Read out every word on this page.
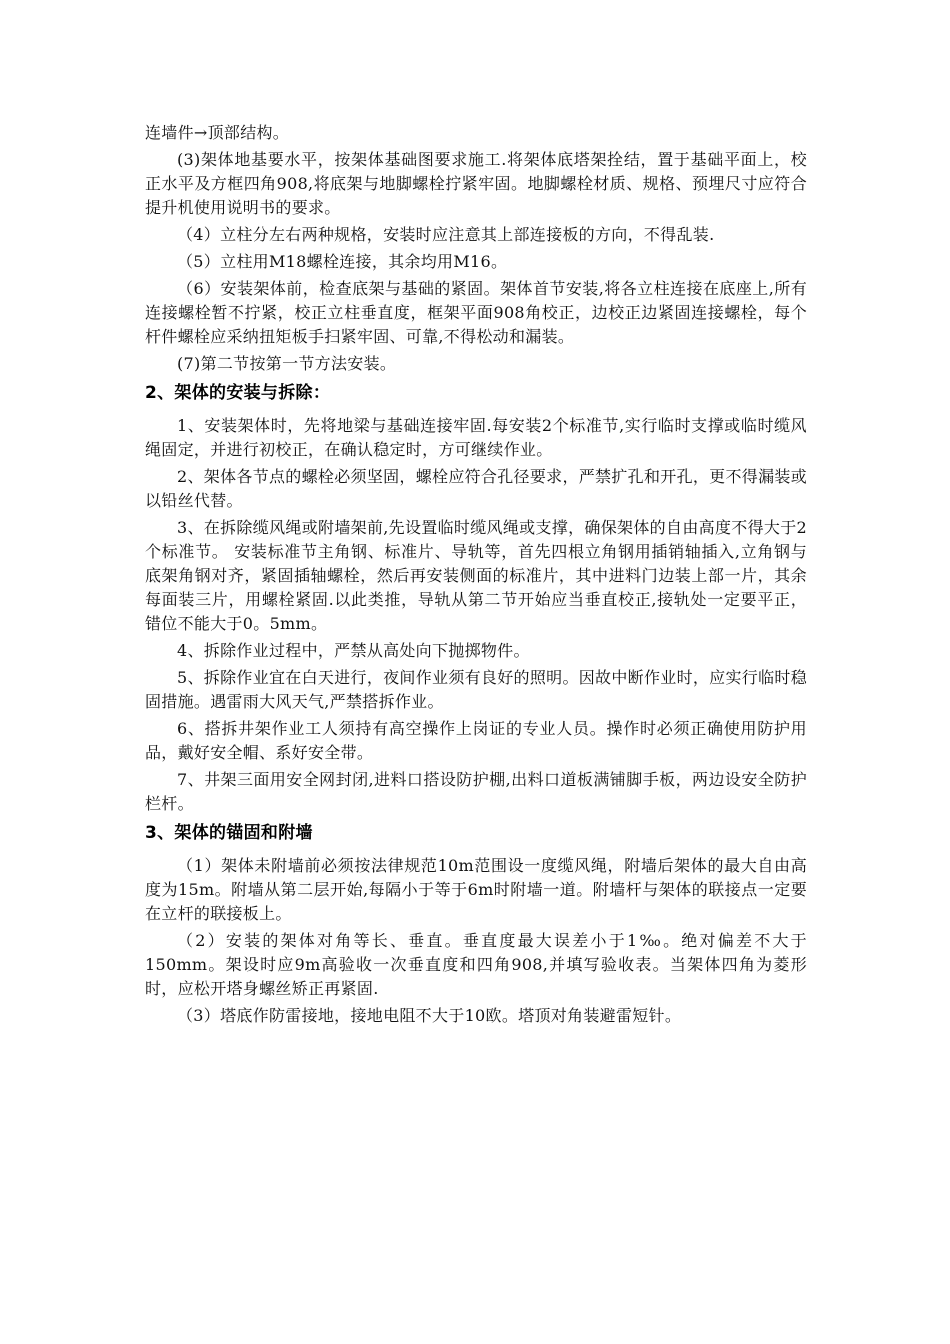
连墙件→顶部结构。

(3)架体地基要水平，按架体基础图要求施工.将架体底塔架拴结，置于基础平面上，校正水平及方框四角908,将底架与地脚螺栓拧紧牢固。地脚螺栓材质、规格、预埋尺寸应符合提升机使用说明书的要求。

（4）立柱分左右两种规格，安装时应注意其上部连接板的方向，不得乱装.

（5）立柱用M18螺栓连接，其余均用M16。

（6）安装架体前，检查底架与基础的紧固。架体首节安装,将各立柱连接在底座上,所有连接螺栓暂不拧紧，校正立柱垂直度，框架平面908角校正，边校正边紧固连接螺栓，每个杆件螺栓应采纳扭矩板手扫紧牢固、可靠,不得松动和漏装。

(7)第二节按第一节方法安装。

2、架体的安装与拆除：

1、安装架体时，先将地梁与基础连接牢固.每安装2个标准节,实行临时支撑或临时缆风绳固定，并进行初校正，在确认稳定时，方可继续作业。

2、架体各节点的螺栓必须坚固，螺栓应符合孔径要求，严禁扩孔和开孔，更不得漏装或以铅丝代替。

3、在拆除缆风绳或附墙架前,先设置临时缆风绳或支撑，确保架体的自由高度不得大于2个标准节。 安装标准节主角钢、标准片、导轨等，首先四根立角钢用插销轴插入,立角钢与底架角钢对齐，紧固插轴螺栓，然后再安装侧面的标准片，其中进料门边装上部一片，其余每面装三片，用螺栓紧固.以此类推，导轨从第二节开始应当垂直校正,接轨处一定要平正，错位不能大于0。5mm。

4、拆除作业过程中，严禁从高处向下抛掷物件。

5、拆除作业宜在白天进行，夜间作业须有良好的照明。因故中断作业时，应实行临时稳固措施。遇雷雨大风天气,严禁搭拆作业。

6、搭拆井架作业工人须持有高空操作上岗证的专业人员。操作时必须正确使用防护用品，戴好安全帽、系好安全带。

7、井架三面用安全网封闭,进料口搭设防护棚,出料口道板满铺脚手板，两边设安全防护栏杆。

3、架体的锚固和附墙

（1）架体未附墙前必须按法律规范10m范围设一度缆风绳，附墙后架体的最大自由高度为15m。附墙从第二层开始,每隔小于等于6m时附墙一道。附墙杆与架体的联接点一定要在立杆的联接板上。

（2）安装的架体对角等长、垂直。垂直度最大误差小于1‰。绝对偏差不大于150mm。架设时应9m高验收一次垂直度和四角908,并填写验收表。当架体四角为菱形时，应松开塔身螺丝矫正再紧固.

（3）塔底作防雷接地，接地电阻不大于10欧。塔顶对角装避雷短针。
